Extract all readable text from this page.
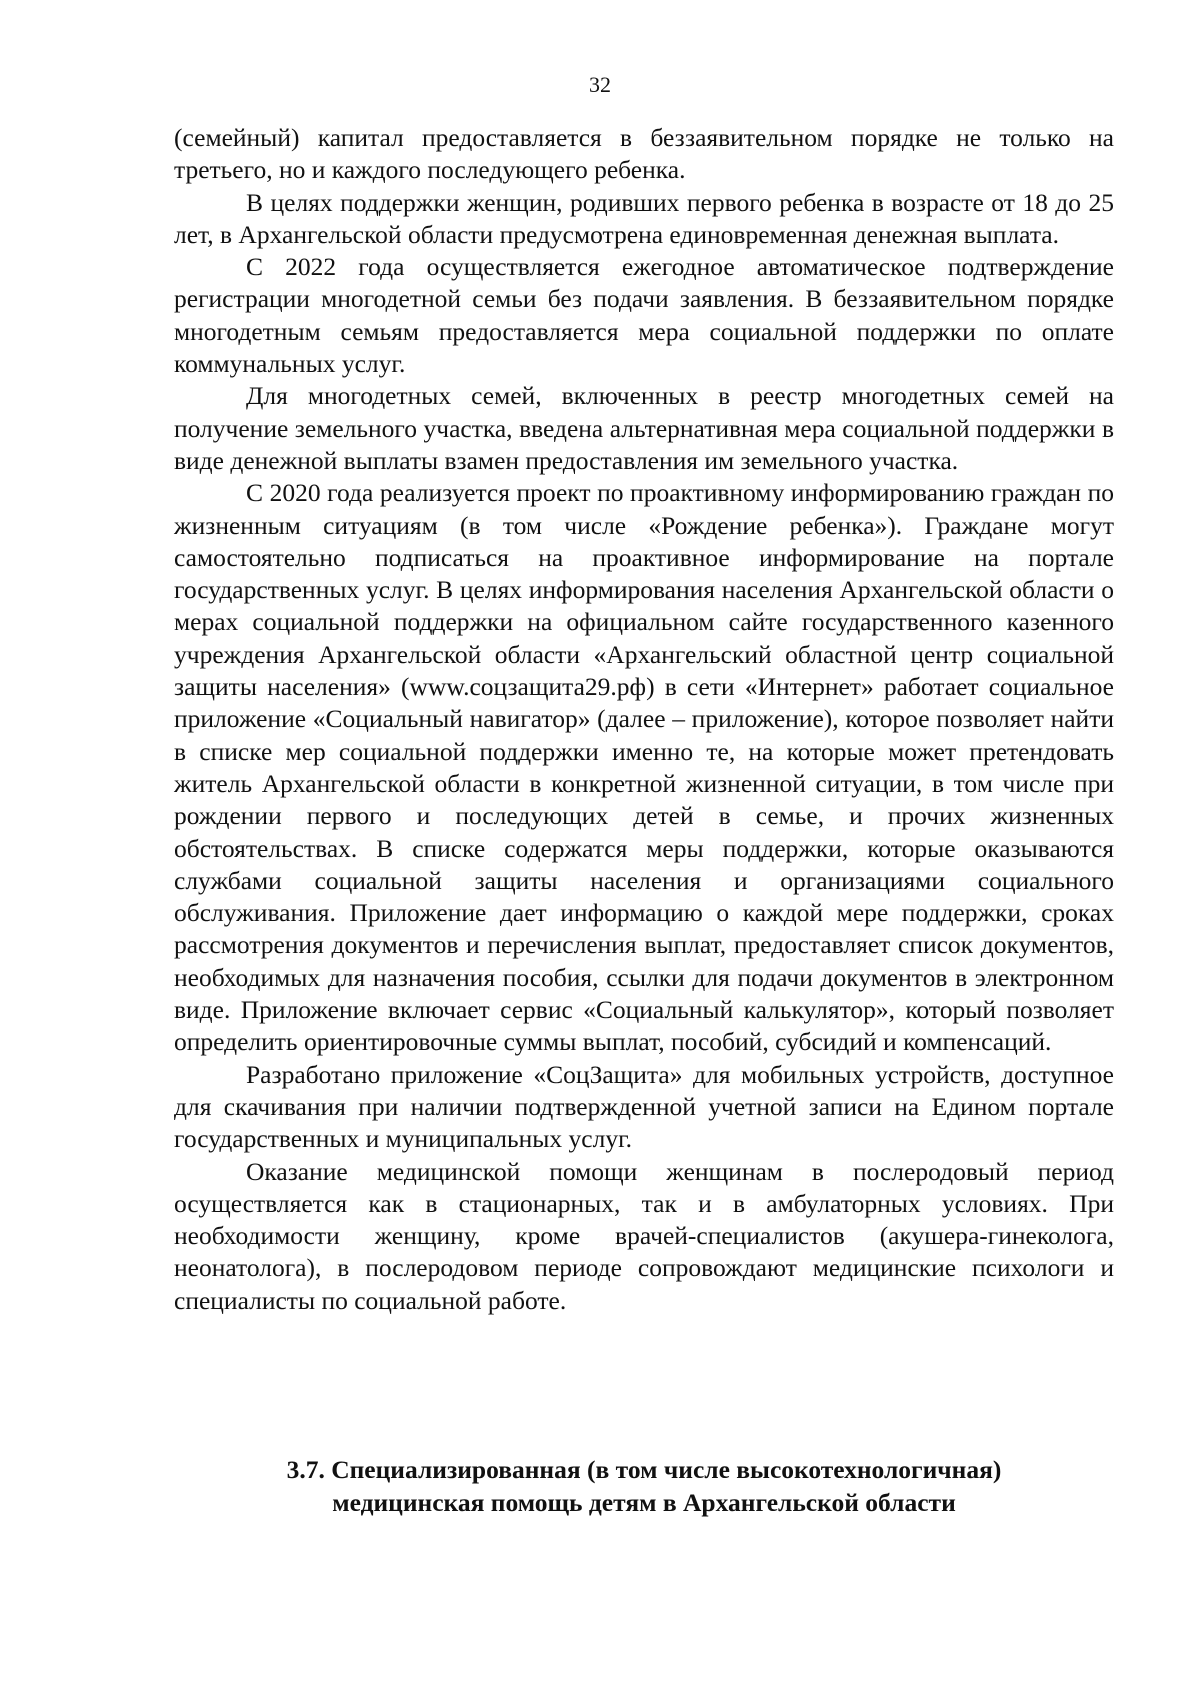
32

(семейный) капитал предоставляется в беззаявительном порядке не только на третьего, но и каждого последующего ребенка.

В целях поддержки женщин, родивших первого ребенка в возрасте от 18 до 25 лет, в Архангельской области предусмотрена единовременная денежная выплата.

С 2022 года осуществляется ежегодное автоматическое подтверждение регистрации многодетной семьи без подачи заявления. В беззаявительном порядке многодетным семьям предоставляется мера социальной поддержки по оплате коммунальных услуг.

Для многодетных семей, включенных в реестр многодетных семей на получение земельного участка, введена альтернативная мера социальной поддержки в виде денежной выплаты взамен предоставления им земельного участка.

С 2020 года реализуется проект по проактивному информированию граждан по жизненным ситуациям (в том числе «Рождение ребенка»). Граждане могут самостоятельно подписаться на проактивное информирование на портале государственных услуг. В целях информирования населения Архангельской области о мерах социальной поддержки на официальном сайте государственного казенного учреждения Архангельской области «Архангельский областной центр социальной защиты населения» (www.соцзащита29.рф) в сети «Интернет» работает социальное приложение «Социальный навигатор» (далее – приложение), которое позволяет найти в списке мер социальной поддержки именно те, на которые может претендовать житель Архангельской области в конкретной жизненной ситуации, в том числе при рождении первого и последующих детей в семье, и прочих жизненных обстоятельствах. В списке содержатся меры поддержки, которые оказываются службами социальной защиты населения и организациями социального обслуживания. Приложение дает информацию о каждой мере поддержки, сроках рассмотрения документов и перечисления выплат, предоставляет список документов, необходимых для назначения пособия, ссылки для подачи документов в электронном виде. Приложение включает сервис «Социальный калькулятор», который позволяет определить ориентировочные суммы выплат, пособий, субсидий и компенсаций.

Разработано приложение «СоцЗащита» для мобильных устройств, доступное для скачивания при наличии подтвержденной учетной записи на Едином портале государственных и муниципальных услуг.

Оказание медицинской помощи женщинам в послеродовый период осуществляется как в стационарных, так и в амбулаторных условиях. При необходимости женщину, кроме врачей-специалистов (акушера-гинеколога, неонатолога), в послеродовом периоде сопровождают медицинские психологи и специалисты по социальной работе.

3.7. Специализированная (в том числе высокотехнологичная)
медицинская помощь детям в Архангельской области
